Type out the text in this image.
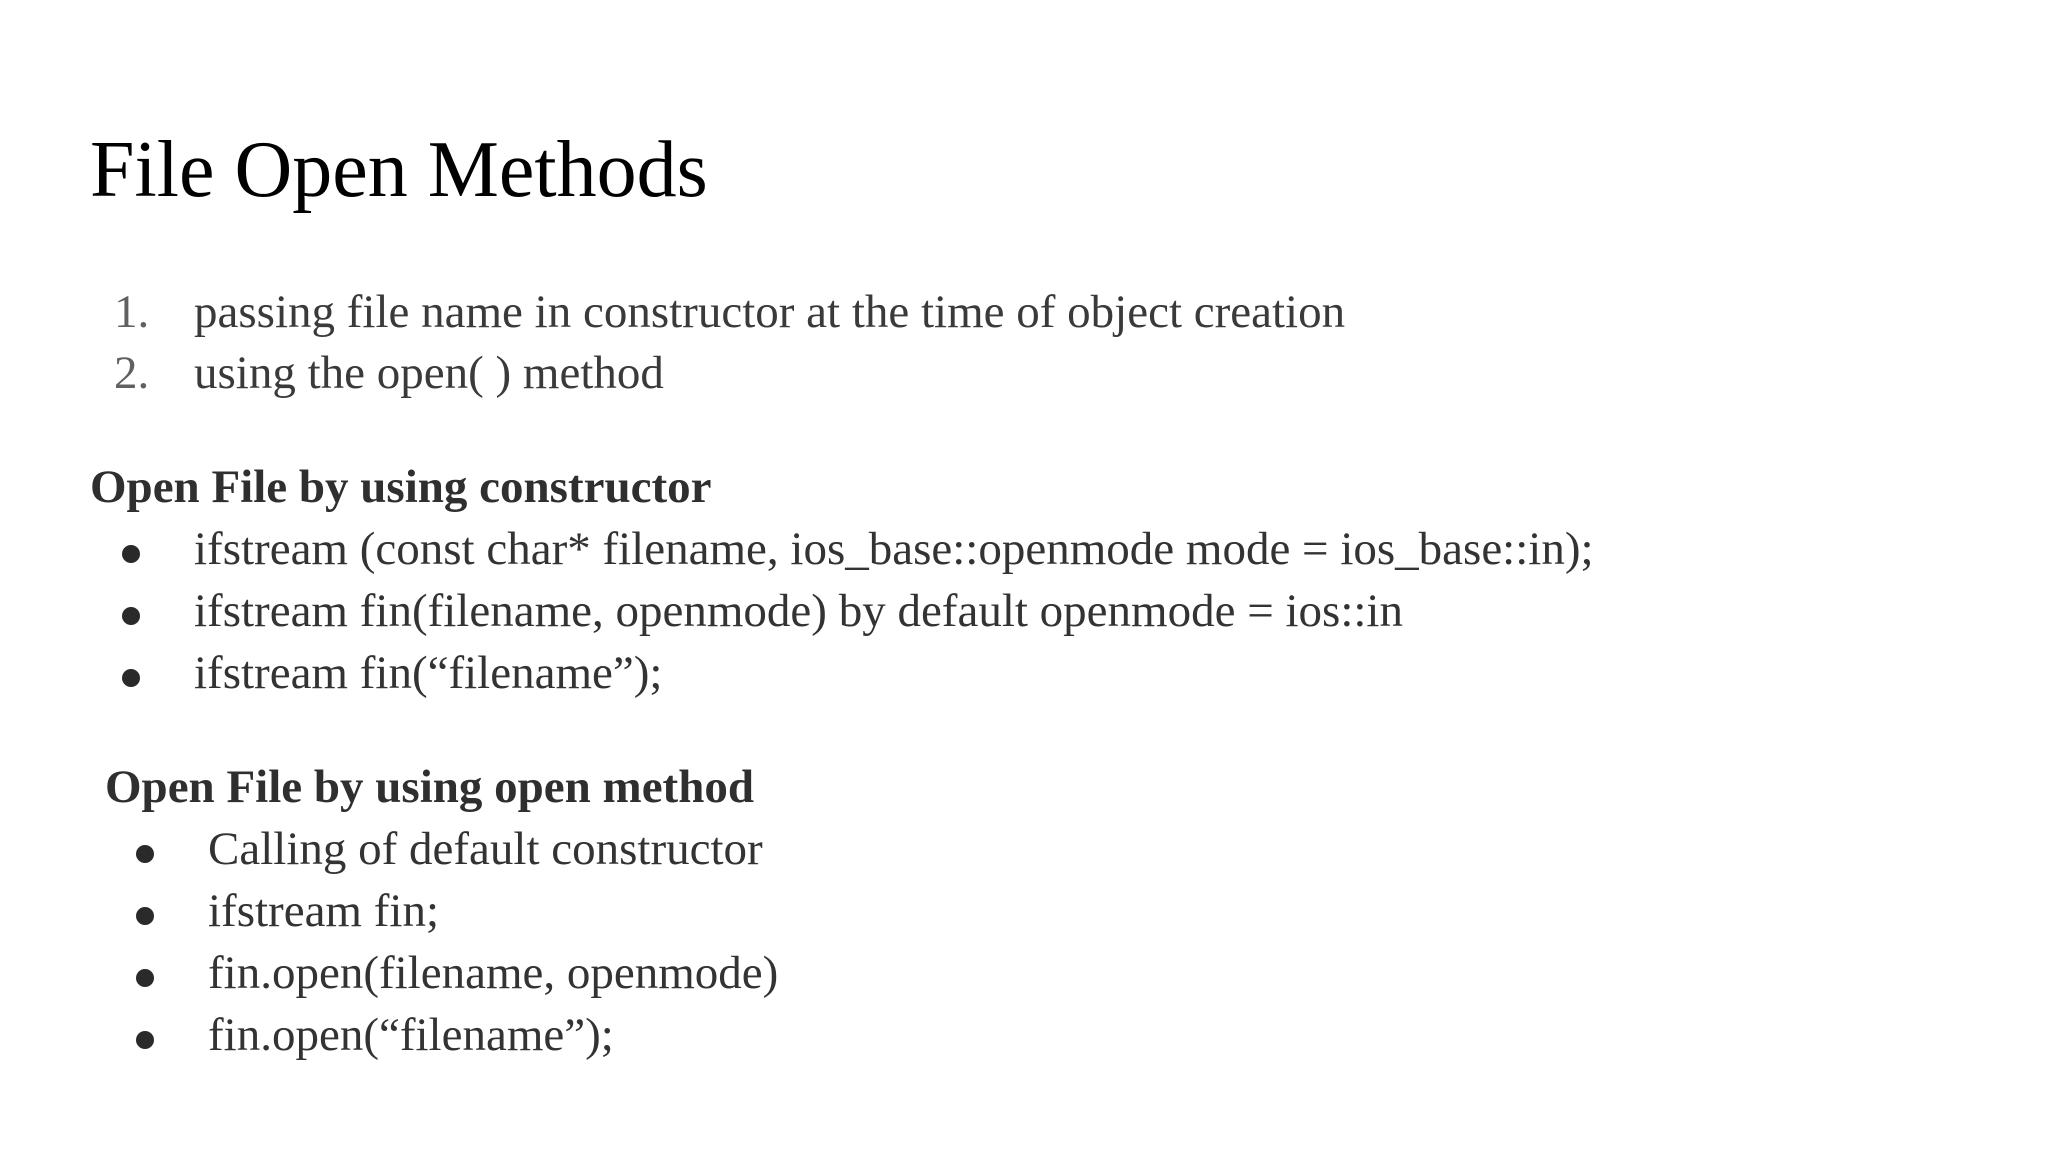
File Open Methods
1. passing file name in constructor at the time of object creation
2. using the open( ) method
Open File by using constructor
ifstream (const char* filename, ios_base::openmode mode = ios_base::in);
ifstream fin(filename, openmode) by default openmode = ios::in
ifstream fin(“filename”);
Open File by using open method
Calling of default constructor
ifstream fin;
fin.open(filename, openmode)
fin.open(“filename”);
